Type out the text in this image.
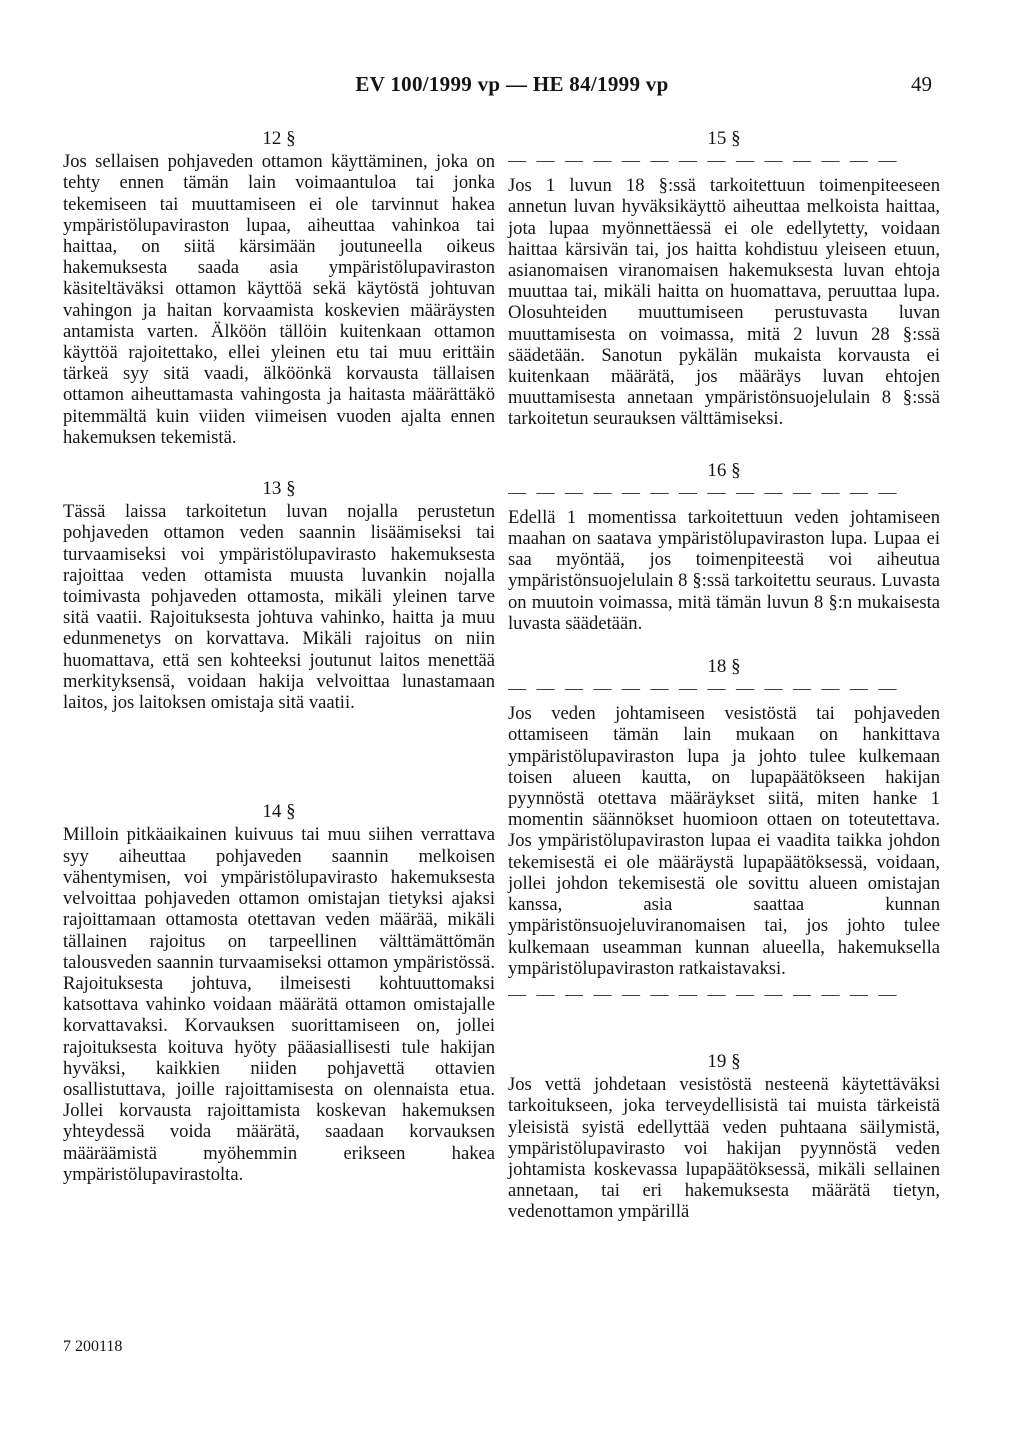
EV 100/1999 vp — HE 84/1999 vp	49
12 §

Jos sellaisen pohjaveden ottamon käyttäminen, joka on tehty ennen tämän lain voimaantuloa tai jonka tekemiseen tai muuttamiseen ei ole tarvinnut hakea ympäristölupaviraston lupaa, aiheuttaa vahinkoa tai haittaa, on siitä kärsimään joutuneella oikeus hakemuksesta saada asia ympäristölupaviraston käsiteltäväksi ottamon käyttöä sekä käytöstä johtuvan vahingon ja haitan korvaamista koskevien määräysten antamista varten. Älköön tällöin kuitenkaan ottamon käyttöä rajoitettako, ellei yleinen etu tai muu erittäin tärkeä syy sitä vaadi, älköönkä korvausta tällaisen ottamon aiheuttamasta vahingosta ja haitasta määrättäkö pitemmältä kuin viiden viimeisen vuoden ajalta ennen hakemuksen tekemistä.

13 §

Tässä laissa tarkoitetun luvan nojalla perustetun pohjaveden ottamon veden saannin lisäämiseksi tai turvaamiseksi voi ympäristölupavirasto hakemuksesta rajoittaa veden ottamista muusta luvankin nojalla toimivasta pohjaveden ottamosta, mikäli yleinen tarve sitä vaatii. Rajoituksesta johtuva vahinko, haitta ja muu edunmenetys on korvattava. Mikäli rajoitus on niin huomattava, että sen kohteeksi joutunut laitos menettää merkityksensä, voidaan hakija velvoittaa lunastamaan laitos, jos laitoksen omistaja sitä vaatii.

14 §

Milloin pitkäaikainen kuivuus tai muu siihen verrattava syy aiheuttaa pohjaveden saannin melkoisen vähentymisen, voi ympäristölupavirasto hakemuksesta velvoittaa pohjaveden ottamon omistajan tietyksi ajaksi rajoittamaan ottamosta otettavan veden määrää, mikäli tällainen rajoitus on tarpeellinen välttämättömän talousveden saannin turvaamiseksi ottamon ympäristössä. Rajoituksesta johtuva, ilmeisesti kohtuuttomaksi katsottava vahinko voidaan määrätä ottamon omistajalle korvattavaksi. Korvauksen suorittamiseen on, jollei rajoituksesta koituva hyöty pääasiallisesti tule hakijan hyväksi, kaikkien niiden pohjavettä ottavien osallistuttava, joille rajoittamisesta on olennaista etua. Jollei korvausta rajoittamista koskevan hakemuksen yhteydessä voida määrätä, saadaan korvauksen määräämistä myöhemmin erikseen hakea ympäristölupavirastolta.

15 §
— — — — — — — — — — — — — —

Jos 1 luvun 18 §:ssä tarkoitettuun toimenpiteeseen annetun luvan hyväksikäyttö aiheuttaa melkoista haittaa, jota lupaa myönnettäessä ei ole edellytetty, voidaan haittaa kärsivän tai, jos haitta kohdistuu yleiseen etuun, asianomaisen viranomaisen hakemuksesta luvan ehtoja muuttaa tai, mikäli haitta on huomattava, peruuttaa lupa. Olosuhteiden muuttumiseen perustuvasta luvan muuttamisesta on voimassa, mitä 2 luvun 28 §:ssä säädetään. Sanotun pykälän mukaista korvausta ei kuitenkaan määrätä, jos määräys luvan ehtojen muuttamisesta annetaan ympäristönsuojelulain 8 §:ssä tarkoitetun seurauksen välttämiseksi.

16 §
— — — — — — — — — — — — — —

Edellä 1 momentissa tarkoitettuun veden johtamiseen maahan on saatava ympäristölupaviraston lupa. Lupaa ei saa myöntää, jos toimenpiteestä voi aiheutua ympäristönsuojelulain 8 §:ssä tarkoitettu seuraus. Luvasta on muutoin voimassa, mitä tämän luvun 8 §:n mukaisesta luvasta säädetään.

18 §
— — — — — — — — — — — — — —

Jos veden johtamiseen vesistöstä tai pohjaveden ottamiseen tämän lain mukaan on hankittava ympäristölupaviraston lupa ja johto tulee kulkemaan toisen alueen kautta, on lupapäätökseen hakijan pyynnöstä otettava määräykset siitä, miten hanke 1 momentin säännökset huomioon ottaen on toteutettava. Jos ympäristölupaviraston lupaa ei vaadita taikka johdon tekemisestä ei ole määräystä lupapäätöksessä, voidaan, jollei johdon tekemisestä ole sovittu alueen omistajan kanssa, asia saattaa kunnan ympäristönsuojeluviranomaisen tai, jos johto tulee kulkemaan useamman kunnan alueella, hakemuksella ympäristölupaviraston ratkaistavaksi.

— — — — — — — — — — — — — —
19 §

Jos vettä johdetaan vesistöstä nesteenä käytettäväksi tarkoitukseen, joka terveydellisistä tai muista tärkeistä yleisistä syistä edellyttää veden puhtaana säilymistä, ympäristölupavirasto voi hakijan pyynnöstä veden johtamista koskevassa lupapäätöksessä, mikäli sellainen annetaan, tai eri hakemuksesta määrätä tietyn, vedenottamon ympärillä

7 200118
